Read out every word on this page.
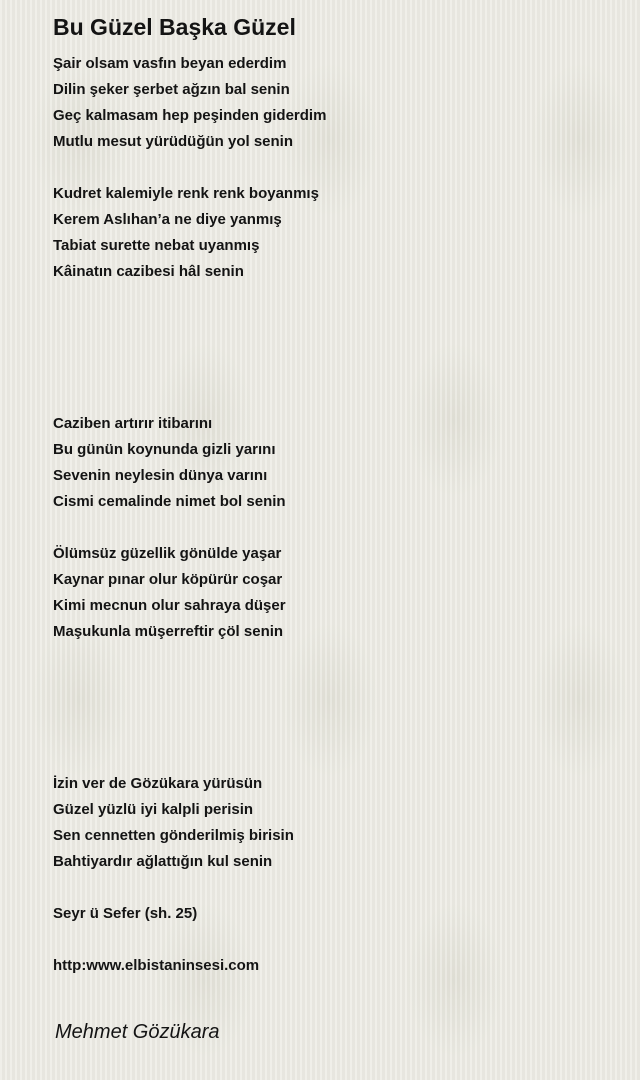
Bu Güzel Başka Güzel
Şair olsam vasfın beyan ederdim
Dilin şeker şerbet ağzın bal senin
Geç kalmasam hep peşinden giderdim
Mutlu mesut yürüdüğün yol senin
Kudret kalemiyle renk renk boyanmış
Kerem Aslıhan’a ne diye yanmış
Tabiat surette nebat uyanmış
Kâinatın cazibesi hâl senin
Caziben artırır itibarını
Bu günün koynunda gizli yarını
Sevenin neylesin dünya varını
Cismi cemalinde nimet bol senin
Ölümsüz güzellik gönülde yaşar
Kaynar pınar olur köpürür coşar
Kimi mecnun olur sahraya düşer
Maşukunla müşerreftir çöl senin
İzin ver de Gözükara yürüsün
Güzel yüzlü iyi kalpli perisin
Sen cennetten gönderilmiş birisin
Bahtiyardır ağlattığın kul senin
Seyr ü Sefer (sh. 25)
http:www.elbistaninsesi.com
Mehmet Gözükara
